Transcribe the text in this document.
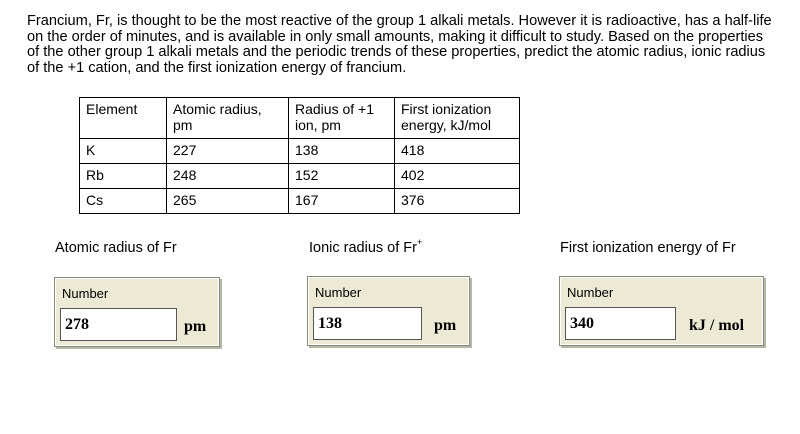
Francium, Fr, is thought to be the most reactive of the group 1 alkali metals. However it is radioactive, has a half-life on the order of minutes, and is available in only small amounts, making it difficult to study. Based on the properties of the other group 1 alkali metals and the periodic trends of these properties, predict the atomic radius, ionic radius of the +1 cation, and the first ionization energy of francium.

Element	Atomic radius, pm	Radius of +1 ion, pm	First ionization energy, kJ/mol
K	227	138	418
Rb	248	152	402
Cs	265	167	376
Atomic radius of Fr
Number
278	pm
Ionic radius of Fr+
Number
138	pm
First ionization energy of Fr
Number
340	kJ / mol
